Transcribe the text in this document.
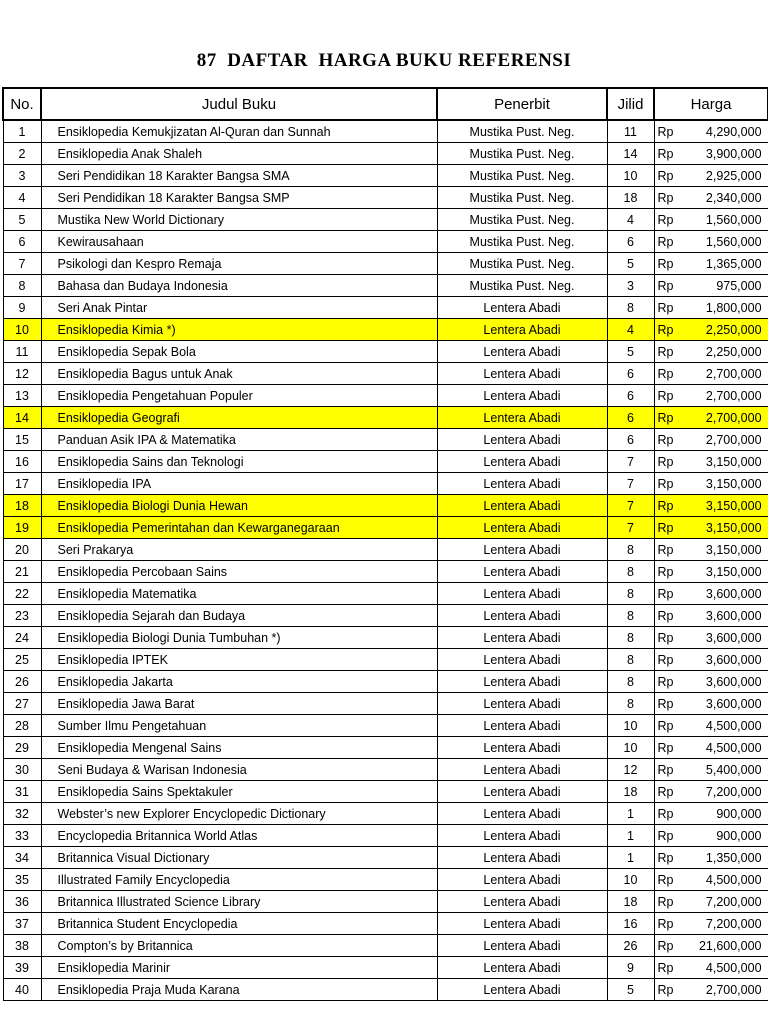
87  DAFTAR  HARGA BUKU REFERENSI
No.	Judul Buku	Penerbit	Jilid	Harga	
1	Ensiklopedia Kemukjizatan Al-Quran dan Sunnah	Mustika Pust. Neg.	11	Rp	4,290,000
2	Ensiklopedia Anak Shaleh	Mustika Pust. Neg.	14	Rp	3,900,000
3	Seri Pendidikan 18 Karakter Bangsa SMA	Mustika Pust. Neg.	10	Rp	2,925,000
4	Seri Pendidikan 18 Karakter Bangsa SMP	Mustika Pust. Neg.	18	Rp	2,340,000
5	Mustika New World Dictionary	Mustika Pust. Neg.	4	Rp	1,560,000
6	Kewirausahaan	Mustika Pust. Neg.	6	Rp	1,560,000
7	Psikologi dan Kespro Remaja	Mustika Pust. Neg.	5	Rp	1,365,000
8	Bahasa dan Budaya Indonesia	Mustika Pust. Neg.	3	Rp	975,000
9	Seri Anak Pintar	Lentera Abadi	8	Rp	1,800,000
10	Ensiklopedia Kimia *)	Lentera Abadi	4	Rp	2,250,000
11	Ensiklopedia Sepak Bola	Lentera Abadi	5	Rp	2,250,000
12	Ensiklopedia Bagus untuk Anak	Lentera Abadi	6	Rp	2,700,000
13	Ensiklopedia Pengetahuan Populer	Lentera Abadi	6	Rp	2,700,000
14	Ensiklopedia Geografi	Lentera Abadi	6	Rp	2,700,000
15	Panduan Asik IPA & Matematika	Lentera Abadi	6	Rp	2,700,000
16	Ensiklopedia Sains dan Teknologi	Lentera Abadi	7	Rp	3,150,000
17	Ensiklopedia IPA	Lentera Abadi	7	Rp	3,150,000
18	Ensiklopedia Biologi Dunia Hewan	Lentera Abadi	7	Rp	3,150,000
19	Ensiklopedia Pemerintahan dan Kewarganegaraan	Lentera Abadi	7	Rp	3,150,000
20	Seri Prakarya	Lentera Abadi	8	Rp	3,150,000
21	Ensiklopedia Percobaan Sains	Lentera Abadi	8	Rp	3,150,000
22	Ensiklopedia Matematika	Lentera Abadi	8	Rp	3,600,000
23	Ensiklopedia Sejarah dan Budaya	Lentera Abadi	8	Rp	3,600,000
24	Ensiklopedia Biologi Dunia Tumbuhan *)	Lentera Abadi	8	Rp	3,600,000
25	Ensiklopedia IPTEK	Lentera Abadi	8	Rp	3,600,000
26	Ensiklopedia Jakarta	Lentera Abadi	8	Rp	3,600,000
27	Ensiklopedia Jawa Barat	Lentera Abadi	8	Rp	3,600,000
28	Sumber Ilmu Pengetahuan	Lentera Abadi	10	Rp	4,500,000
29	Ensiklopedia Mengenal Sains	Lentera Abadi	10	Rp	4,500,000
30	Seni Budaya & Warisan Indonesia	Lentera Abadi	12	Rp	5,400,000
31	Ensiklopedia Sains Spektakuler	Lentera Abadi	18	Rp	7,200,000
32	Webster’s new Explorer Encyclopedic Dictionary	Lentera Abadi	1	Rp	900,000
33	Encyclopedia Britannica World Atlas	Lentera Abadi	1	Rp	900,000
34	Britannica Visual Dictionary	Lentera Abadi	1	Rp	1,350,000
35	Illustrated Family Encyclopedia	Lentera Abadi	10	Rp	4,500,000
36	Britannica Illustrated Science Library	Lentera Abadi	18	Rp	7,200,000
37	Britannica Student Encyclopedia	Lentera Abadi	16	Rp	7,200,000
38	Compton’s by Britannica	Lentera Abadi	26	Rp	21,600,000
39	Ensiklopedia Marinir	Lentera Abadi	9	Rp	4,500,000
40	Ensiklopedia Praja Muda Karana	Lentera Abadi	5	Rp	2,700,000
